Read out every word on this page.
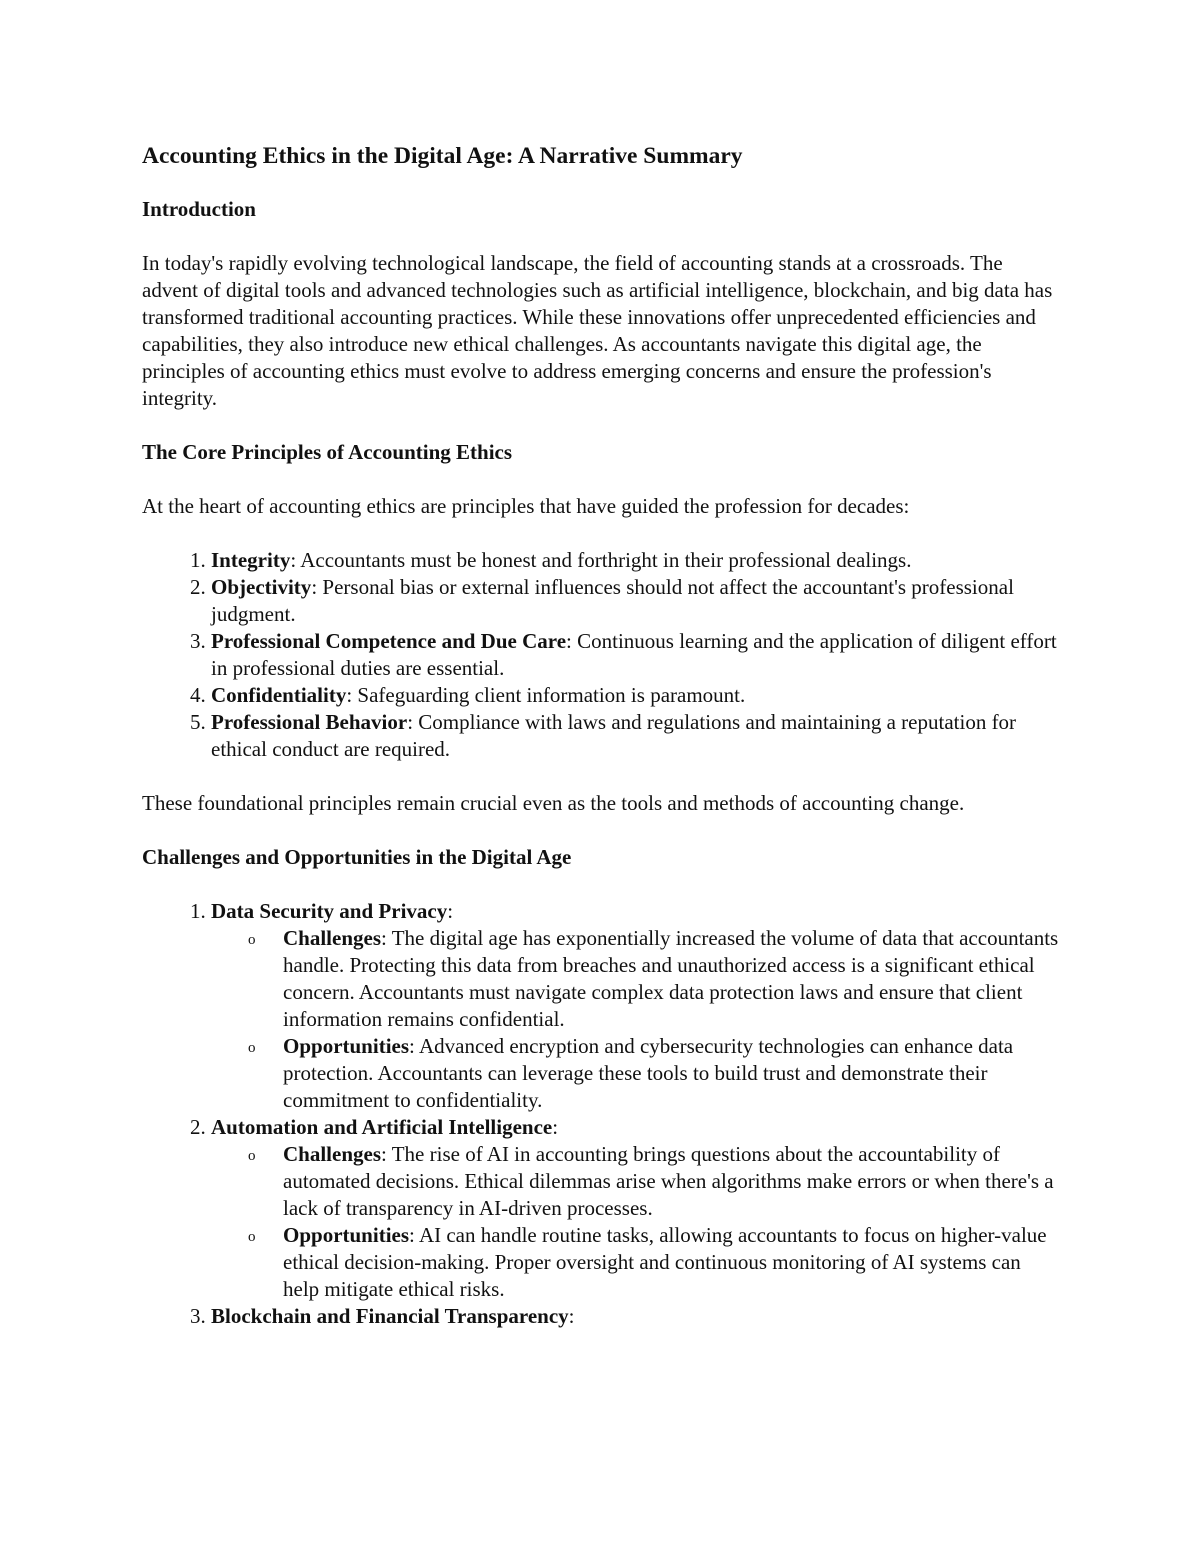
Accounting Ethics in the Digital Age: A Narrative Summary
Introduction
In today's rapidly evolving technological landscape, the field of accounting stands at a crossroads. The advent of digital tools and advanced technologies such as artificial intelligence, blockchain, and big data has transformed traditional accounting practices. While these innovations offer unprecedented efficiencies and capabilities, they also introduce new ethical challenges. As accountants navigate this digital age, the principles of accounting ethics must evolve to address emerging concerns and ensure the profession's integrity.
The Core Principles of Accounting Ethics
At the heart of accounting ethics are principles that have guided the profession for decades:
1. Integrity: Accountants must be honest and forthright in their professional dealings.
2. Objectivity: Personal bias or external influences should not affect the accountant's professional judgment.
3. Professional Competence and Due Care: Continuous learning and the application of diligent effort in professional duties are essential.
4. Confidentiality: Safeguarding client information is paramount.
5. Professional Behavior: Compliance with laws and regulations and maintaining a reputation for ethical conduct are required.
These foundational principles remain crucial even as the tools and methods of accounting change.
Challenges and Opportunities in the Digital Age
1. Data Security and Privacy:
o Challenges: The digital age has exponentially increased the volume of data that accountants handle. Protecting this data from breaches and unauthorized access is a significant ethical concern. Accountants must navigate complex data protection laws and ensure that client information remains confidential.
o Opportunities: Advanced encryption and cybersecurity technologies can enhance data protection. Accountants can leverage these tools to build trust and demonstrate their commitment to confidentiality.
2. Automation and Artificial Intelligence:
o Challenges: The rise of AI in accounting brings questions about the accountability of automated decisions. Ethical dilemmas arise when algorithms make errors or when there's a lack of transparency in AI-driven processes.
o Opportunities: AI can handle routine tasks, allowing accountants to focus on higher-value ethical decision-making. Proper oversight and continuous monitoring of AI systems can help mitigate ethical risks.
3. Blockchain and Financial Transparency:
